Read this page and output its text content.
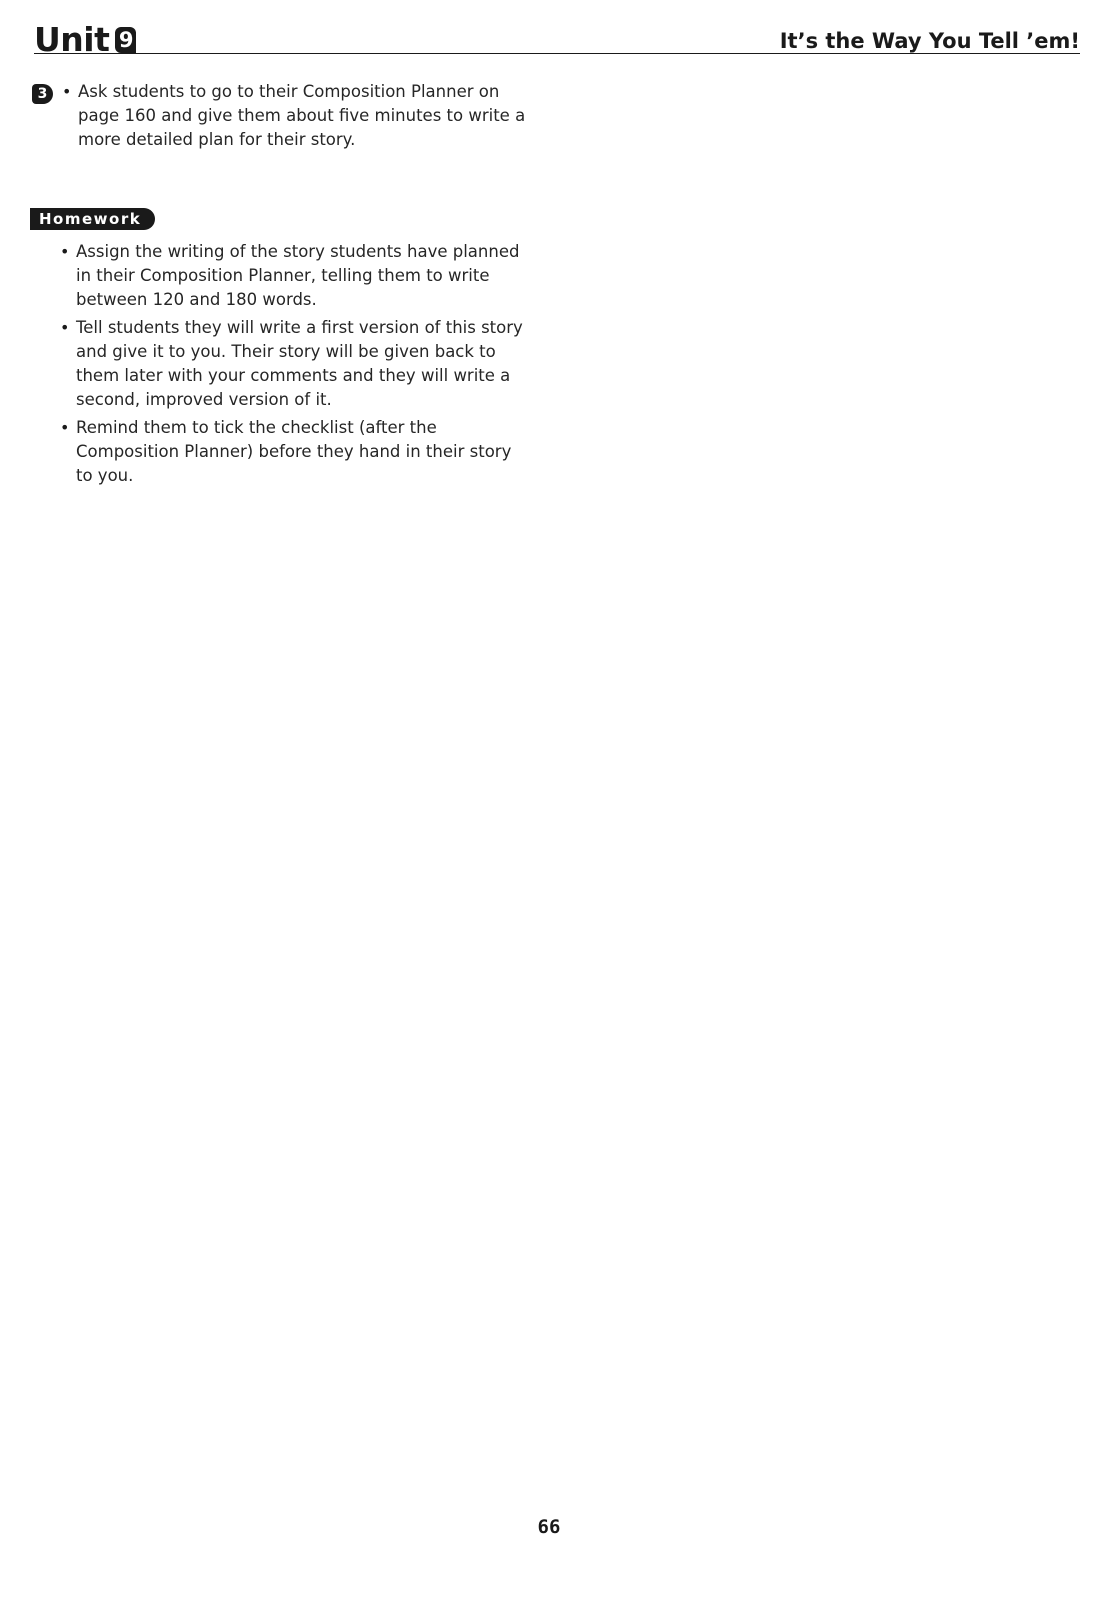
Unit 9	It’s the Way You Tell ’em!
3 • Ask students to go to their Composition Planner on page 160 and give them about five minutes to write a more detailed plan for their story.
Homework
• Assign the writing of the story students have planned in their Composition Planner, telling them to write between 120 and 180 words.
• Tell students they will write a first version of this story and give it to you. Their story will be given back to them later with your comments and they will write a second, improved version of it.
• Remind them to tick the checklist (after the Composition Planner) before they hand in their story to you.
66
